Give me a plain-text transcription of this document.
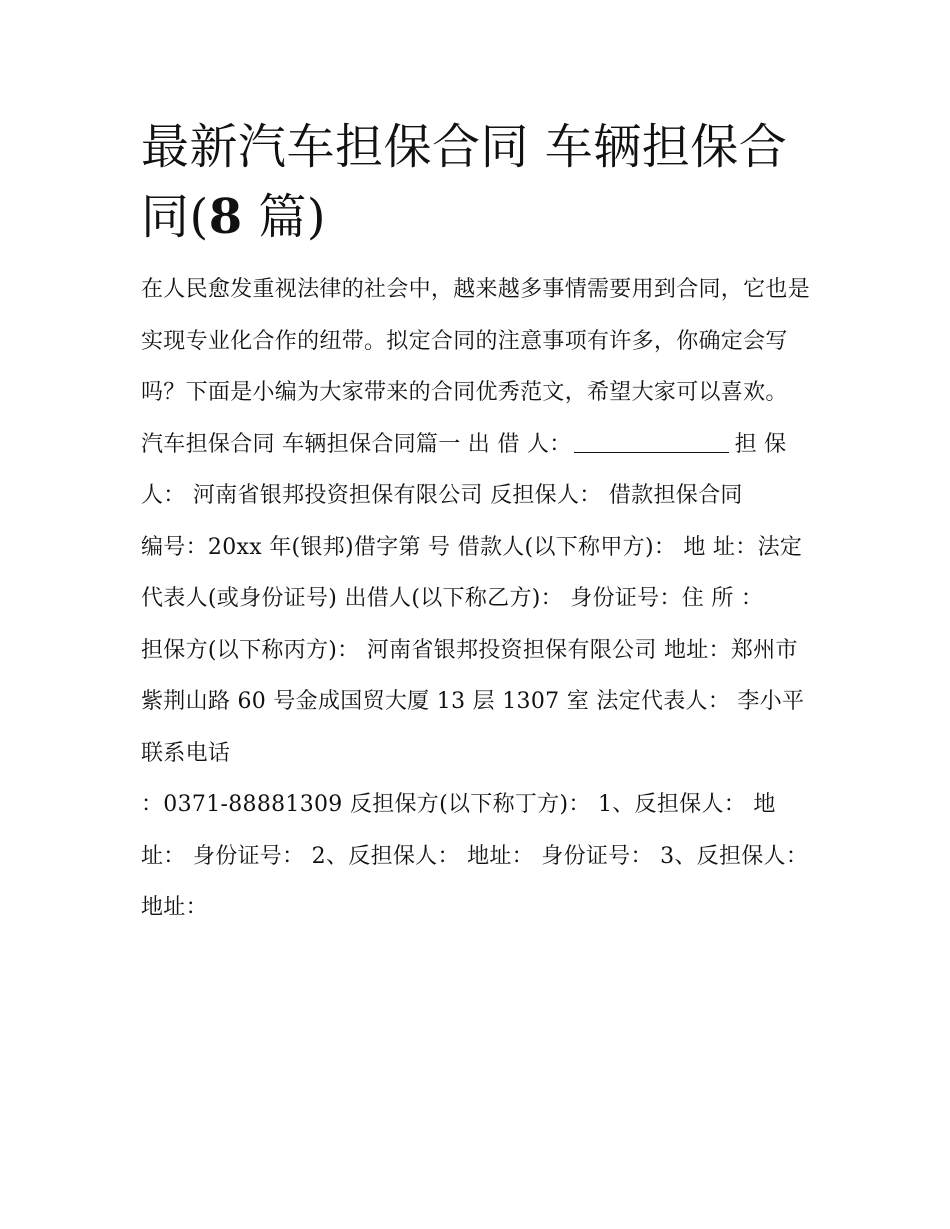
最新汽车担保合同 车辆担保合同(8 篇)

在人民愈发重视法律的社会中，越来越多事情需要用到合同，它也是实现专业化合作的纽带。拟定合同的注意事项有许多，你确定会写吗？下面是小编为大家带来的合同优秀范文，希望大家可以喜欢。

汽车担保合同 车辆担保合同篇一 出 借 人：	担 保 人： 河南省银邦投资担保有限公司 反担保人： 借款担保合同

编号：20xx 年(银邦)借字第 号 借款人(以下称甲方)： 地 址：法定代表人(或身份证号) 出借人(以下称乙方)： 身份证号：住 所 ：

担保方(以下称丙方)： 河南省银邦投资担保有限公司 地址：郑州市紫荆山路 60 号金成国贸大厦 13 层 1307 室 法定代表人： 李小平 联系电话

：0371-88881309 反担保方(以下称丁方)： 1、反担保人： 地址： 身份证号： 2、反担保人： 地址： 身份证号： 3、反担保人： 地址：
